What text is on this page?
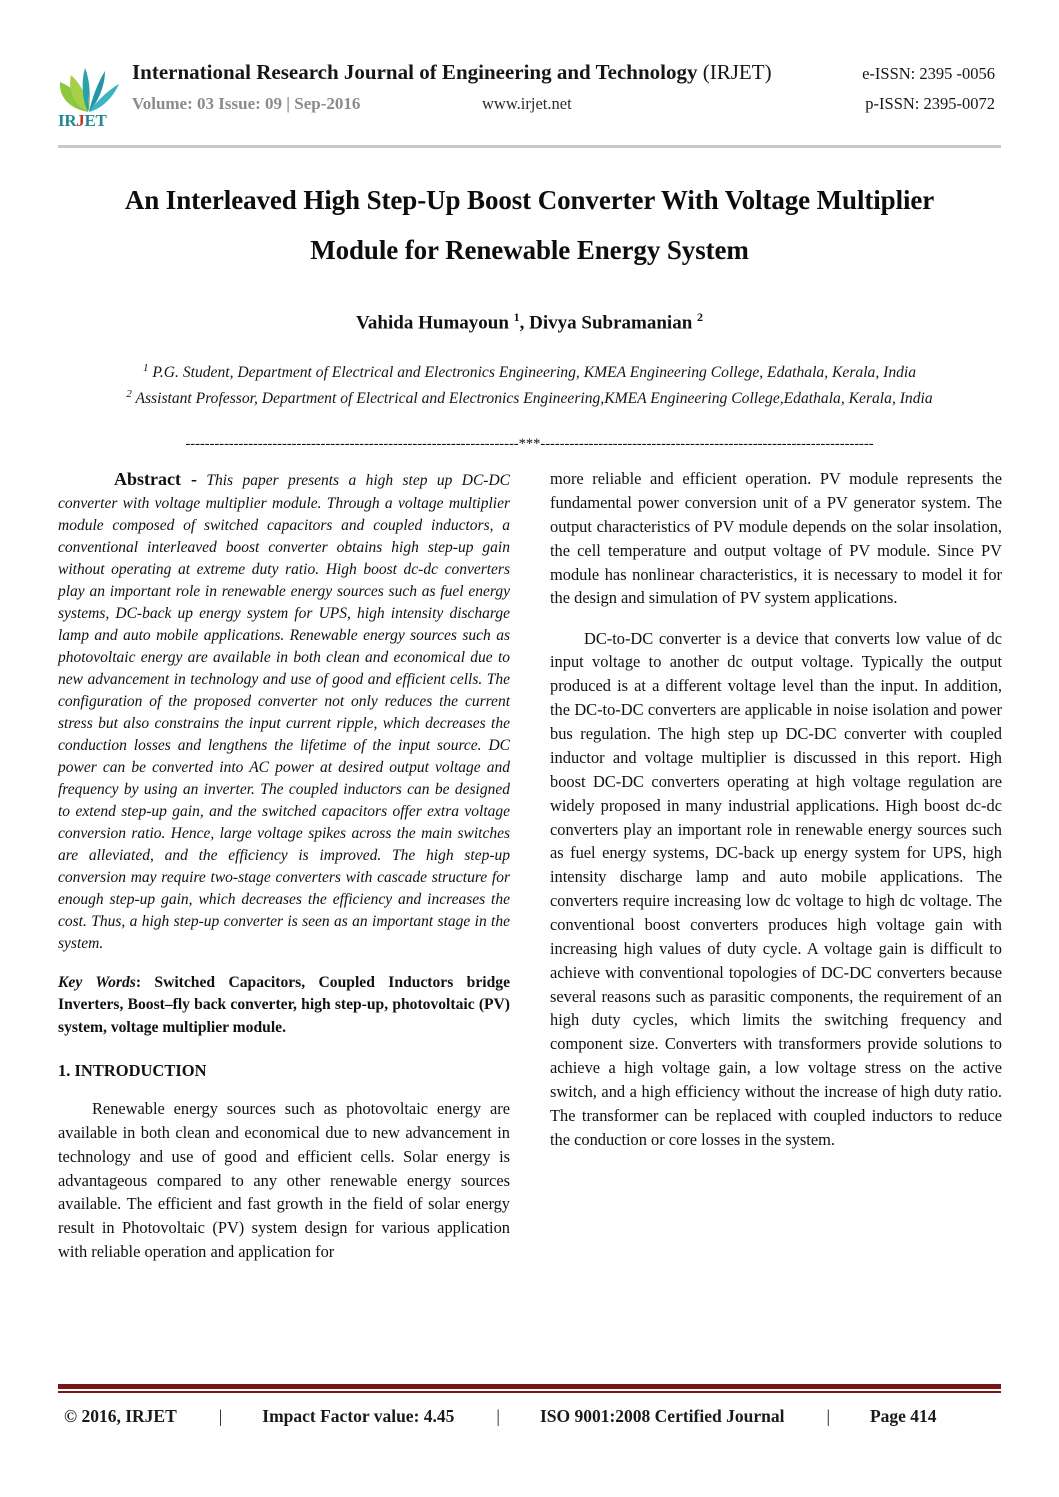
IRJET
International Research Journal of Engineering and Technology (IRJET)	e-ISSN: 2395 -0056
Volume: 03 Issue: 09 | Sep-2016	www.irjet.net	p-ISSN: 2395-0072
An Interleaved High Step-Up Boost Converter With Voltage Multiplier
Module for Renewable Energy System
Vahida Humayoun $^1$, Divya Subramanian $^2$
$^1$ P.G. Student, Department of Electrical and Electronics Engineering, KMEA Engineering College, Edathala, Kerala, India
$^2$ Assistant Professor, Department of Electrical and Electronics Engineering,KMEA Engineering College,Edathala, Kerala, India
---------------------------------------------------------------------***---------------------------------------------------------------------

Abstract - This paper presents a high step up DC-DC converter with voltage multiplier module. Through a voltage multiplier module composed of switched capacitors and coupled inductors, a conventional interleaved boost converter obtains high step-up gain without operating at extreme duty ratio. High boost dc-dc converters play an important role in renewable energy sources such as fuel energy systems, DC-back up energy system for UPS, high intensity discharge lamp and auto mobile applications. Renewable energy sources such as photovoltaic energy are available in both clean and economical due to new advancement in technology and use of good and efficient cells. The configuration of the proposed converter not only reduces the current stress but also constrains the input current ripple, which decreases the conduction losses and lengthens the lifetime of the input source. DC power can be converted into AC power at desired output voltage and frequency by using an inverter. The coupled inductors can be designed to extend step-up gain, and the switched capacitors offer extra voltage conversion ratio. Hence, large voltage spikes across the main switches are alleviated, and the efficiency is improved. The high step-up conversion may require two-stage converters with cascade structure for enough step-up gain, which decreases the efficiency and increases the cost. Thus, a high step-up converter is seen as an important stage in the system.

Key Words: Switched Capacitors, Coupled Inductors bridge Inverters, Boost–fly back converter, high step-up, photovoltaic (PV) system, voltage multiplier module.

1. INTRODUCTION

Renewable energy sources such as photovoltaic energy are available in both clean and economical due to new advancement in technology and use of good and efficient cells. Solar energy is advantageous compared to any other renewable energy sources available. The efficient and fast growth in the field of solar energy result in Photovoltaic (PV) system design for various application with reliable operation and application for

more reliable and efficient operation. PV module represents the fundamental power conversion unit of a PV generator system. The output characteristics of PV module depends on the solar insolation, the cell temperature and output voltage of PV module. Since PV module has nonlinear characteristics, it is necessary to model it for the design and simulation of PV system applications.

DC-to-DC converter is a device that converts low value of dc input voltage to another dc output voltage. Typically the output produced is at a different voltage level than the input. In addition, the DC-to-DC converters are applicable in noise isolation and power bus regulation. The high step up DC-DC converter with coupled inductor and voltage multiplier is discussed in this report. High boost DC-DC converters operating at high voltage regulation are widely proposed in many industrial applications. High boost dc-dc converters play an important role in renewable energy sources such as fuel energy systems, DC-back up energy system for UPS, high intensity discharge lamp and auto mobile applications. The converters require increasing low dc voltage to high dc voltage. The conventional boost converters produces high voltage gain with increasing high values of duty cycle. A voltage gain is difficult to achieve with conventional topologies of DC-DC converters because several reasons such as parasitic components, the requirement of an high duty cycles, which limits the switching frequency and component size. Converters with transformers provide solutions to achieve a high voltage gain, a low voltage stress on the active switch, and a high efficiency without the increase of high duty ratio. The transformer can be replaced with coupled inductors to reduce the conduction or core losses in the system.

© 2016, IRJET | Impact Factor value: 4.45 | ISO 9001:2008 Certified Journal | Page 414
